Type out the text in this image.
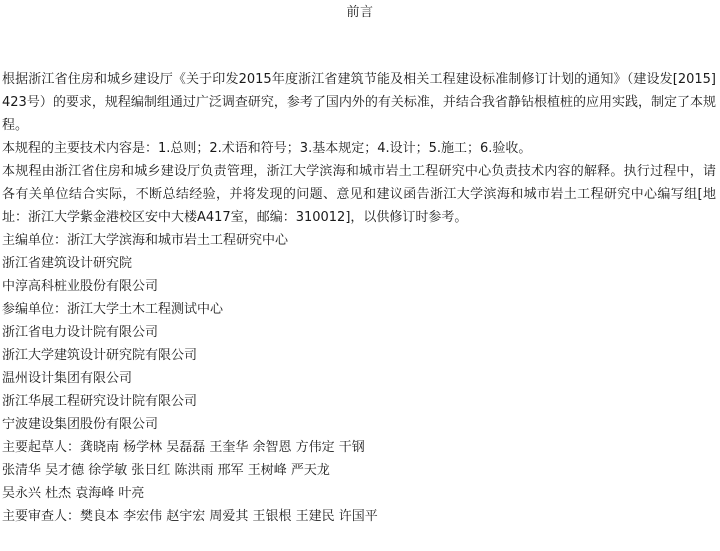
前言

根据浙江省住房和城乡建设厅《关于印发2015年度浙江省建筑节能及相关工程建设标准制修订计划的通知》（建设发[2015]423号）的要求，规程编制组通过广泛调查研究，参考了国内外的有关标准，并结合我省静钻根植桩的应用实践，制定了本规程。

本规程的主要技术内容是：1.总则；2.术语和符号；3.基本规定；4.设计；5.施工；6.验收。

本规程由浙江省住房和城乡建设厅负责管理，浙江大学滨海和城市岩土工程研究中心负责技术内容的解释。执行过程中，请各有关单位结合实际，不断总结经验，并将发现的问题、意见和建议函告浙江大学滨海和城市岩土工程研究中心编写组[地址：浙江大学紫金港校区安中大楼A417室，邮编：310012]，以供修订时参考。

主编单位：浙江大学滨海和城市岩土工程研究中心

浙江省建筑设计研究院

中淳高科桩业股份有限公司

参编单位：浙江大学土木工程测试中心

浙江省电力设计院有限公司

浙江大学建筑设计研究院有限公司

温州设计集团有限公司

浙江华展工程研究设计院有限公司

宁波建设集团股份有限公司

主要起草人：龚晓南 杨学林 吴磊磊 王奎华 余智恩 方伟定 干钢

张清华 吴才德 徐学敏 张日红 陈洪雨 邢军 王树峰 严天龙

吴永兴 杜杰 袁海峰 叶亮

主要审查人：樊良本 李宏伟 赵宇宏 周爱其 王银根 王建民 许国平
